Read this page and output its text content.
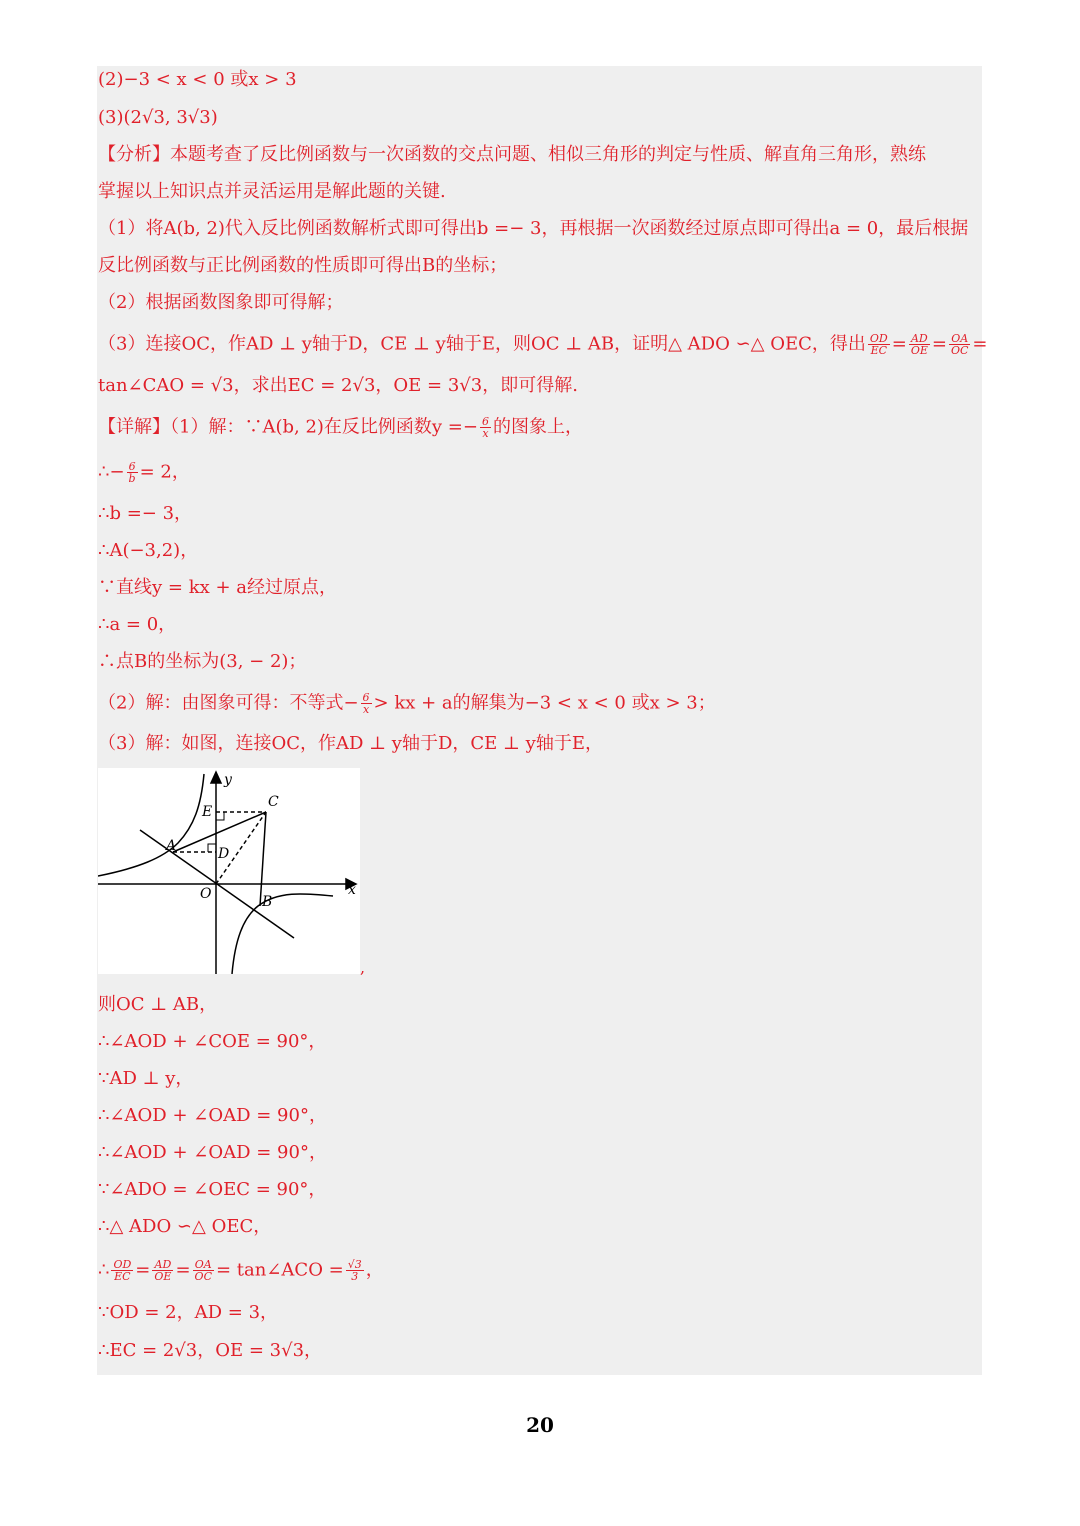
(2)−3 < x < 0 或x > 3
(3)(2√3, 3√3)
【分析】本题考查了反比例函数与一次函数的交点问题、相似三角形的判定与性质、解直角三角形，熟练
掌握以上知识点并灵活运用是解此题的关键.
（1）将A(b, 2)代入反比例函数解析式即可得出b =− 3，再根据一次函数经过原点即可得出a = 0，最后根据
反比例函数与正比例函数的性质即可得出B的坐标；
（2）根据函数图象即可得解；
（3）连接OC，作AD ⊥ y轴于D，CE ⊥ y轴于E，则OC ⊥ AB，证明△ ADO ∽△ OEC，得出 $\frac{OD}{EC} = \frac{AD}{OE} = \frac{OA}{OC}$ =
tan∠CAO = √3，求出EC = 2√3，OE = 3√3，即可得解.
【详解】（1）解：∵A(b, 2)在反比例函数$y =- \frac{6}{x}$ 的图象上，
∴− $\frac{6}{b} = 2$，
∴b =− 3，
∴A(−3,2)，
∵直线y = kx + a经过原点，
∴a = 0，
∴点B的坐标为(3, − 2)；
（2）解：由图象可得：不等式− $\frac{6}{x}$ > kx + a的解集为−3 < x < 0 或x > 3；
（3）解：如图，连接OC，作AD ⊥ y轴于D，CE ⊥ y轴于E，
y
x
C
E
A	D
O	B
,
则OC ⊥ AB，
∴∠AOD + ∠COE = 90°，
∵AD ⊥ y，
∴∠AOD + ∠OAD = 90°，
∴∠AOD + ∠OAD = 90°，
∵∠ADO = ∠OEC = 90°，
∴△ ADO ∽△ OEC，
∴ $\frac{OD}{EC} = \frac{AD}{OE} = \frac{OA}{OC}$ = tan∠ACO = $\frac{√3}{3}$ ，
∵OD = 2，AD = 3，
∴EC = 2√3，OE = 3√3，
20
